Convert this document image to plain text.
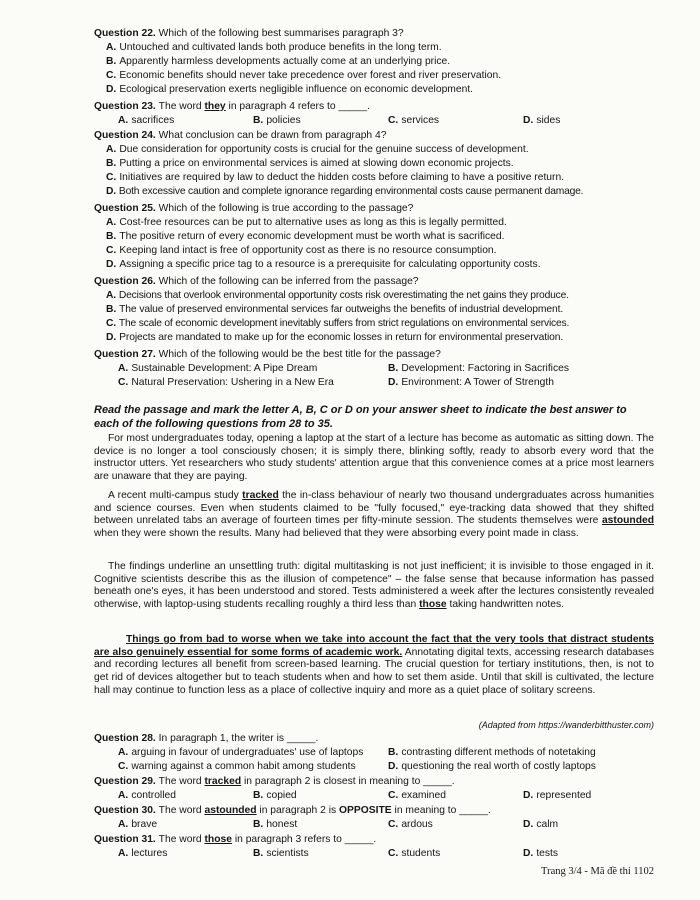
Question 22. Which of the following best summarises paragraph 3?
A. Untouched and cultivated lands both produce benefits in the long term.
B. Apparently harmless developments actually come at an underlying price.
C. Economic benefits should never take precedence over forest and river preservation.
D. Ecological preservation exerts negligible influence on economic development.
Question 23. The word they in paragraph 4 refers to _____.
A. sacrifices	B. policies	C. services	D. sides
Question 24. What conclusion can be drawn from paragraph 4?
A. Due consideration for opportunity costs is crucial for the genuine success of development.
B. Putting a price on environmental services is aimed at slowing down economic projects.
C. Initiatives are required by law to deduct the hidden costs before claiming to have a positive return.
D. Both excessive caution and complete ignorance regarding environmental costs cause permanent damage.
Question 25. Which of the following is true according to the passage?
A. Cost-free resources can be put to alternative uses as long as this is legally permitted.
B. The positive return of every economic development must be worth what is sacrificed.
C. Keeping land intact is free of opportunity cost as there is no resource consumption.
D. Assigning a specific price tag to a resource is a prerequisite for calculating opportunity costs.
Question 26. Which of the following can be inferred from the passage?
A. Decisions that overlook environmental opportunity costs risk overestimating the net gains they produce.
B. The value of preserved environmental services far outweighs the benefits of industrial development.
C. The scale of economic development inevitably suffers from strict regulations on environmental services.
D. Projects are mandated to make up for the economic losses in return for environmental preservation.
Question 27. Which of the following would be the best title for the passage?
A. Sustainable Development: A Pipe Dream	B. Development: Factoring in Sacrifices
C. Natural Preservation: Ushering in a New Era	D. Environment: A Tower of Strength
Read the passage and mark the letter A, B, C or D on your answer sheet to indicate the best answer to each of the following questions from 28 to 35.
For most undergraduates today, opening a laptop at the start of a lecture has become as automatic as sitting down. The device is no longer a tool consciously chosen; it is simply there, blinking softly, ready to absorb every word that the instructor utters. Yet researchers who study students' attention argue that this convenience comes at a price most learners are unaware that they are paying.
A recent multi-campus study tracked the in-class behaviour of nearly two thousand undergraduates across humanities and science courses. Even when students claimed to be "fully focused," eye-tracking data showed that they shifted between unrelated tabs an average of fourteen times per fifty-minute session. The students themselves were astounded when they were shown the results. Many had believed that they were absorbing every point made in class.
The findings underline an unsettling truth: digital multitasking is not just inefficient; it is invisible to those engaged in it. Cognitive scientists describe this as the illusion of competence" – the false sense that because information has passed beneath one's eyes, it has been understood and stored. Tests administered a week after the lectures consistently revealed otherwise, with laptop-using students recalling roughly a third less than those taking handwritten notes.
Things go from bad to worse when we take into account the fact that the very tools that distract students are also genuinely essential for some forms of academic work. Annotating digital texts, accessing research databases and recording lectures all benefit from screen-based learning. The crucial question for tertiary institutions, then, is not to get rid of devices altogether but to teach students when and how to set them aside. Until that skill is cultivated, the lecture hall may continue to function less as a place of collective inquiry and more as a quiet place of solitary screens.
(Adapted from https://wanderbitthuster.com)
Question 28. In paragraph 1, the writer is _____.
A. arguing in favour of undergraduates' use of laptops	B. contrasting different methods of notetaking
C. warning against a common habit among students	D. questioning the real worth of costly laptops
Question 29. The word tracked in paragraph 2 is closest in meaning to _____.
A. controlled	B. copied	C. examined	D. represented
Question 30. The word astounded in paragraph 2 is OPPOSITE in meaning to _____.
A. brave	B. honest	C. ardous	D. calm
Question 31. The word those in paragraph 3 refers to _____.
A. lectures	B. scientists	C. students	D. tests
Trang 3/4 - Mã đề thi 1102
